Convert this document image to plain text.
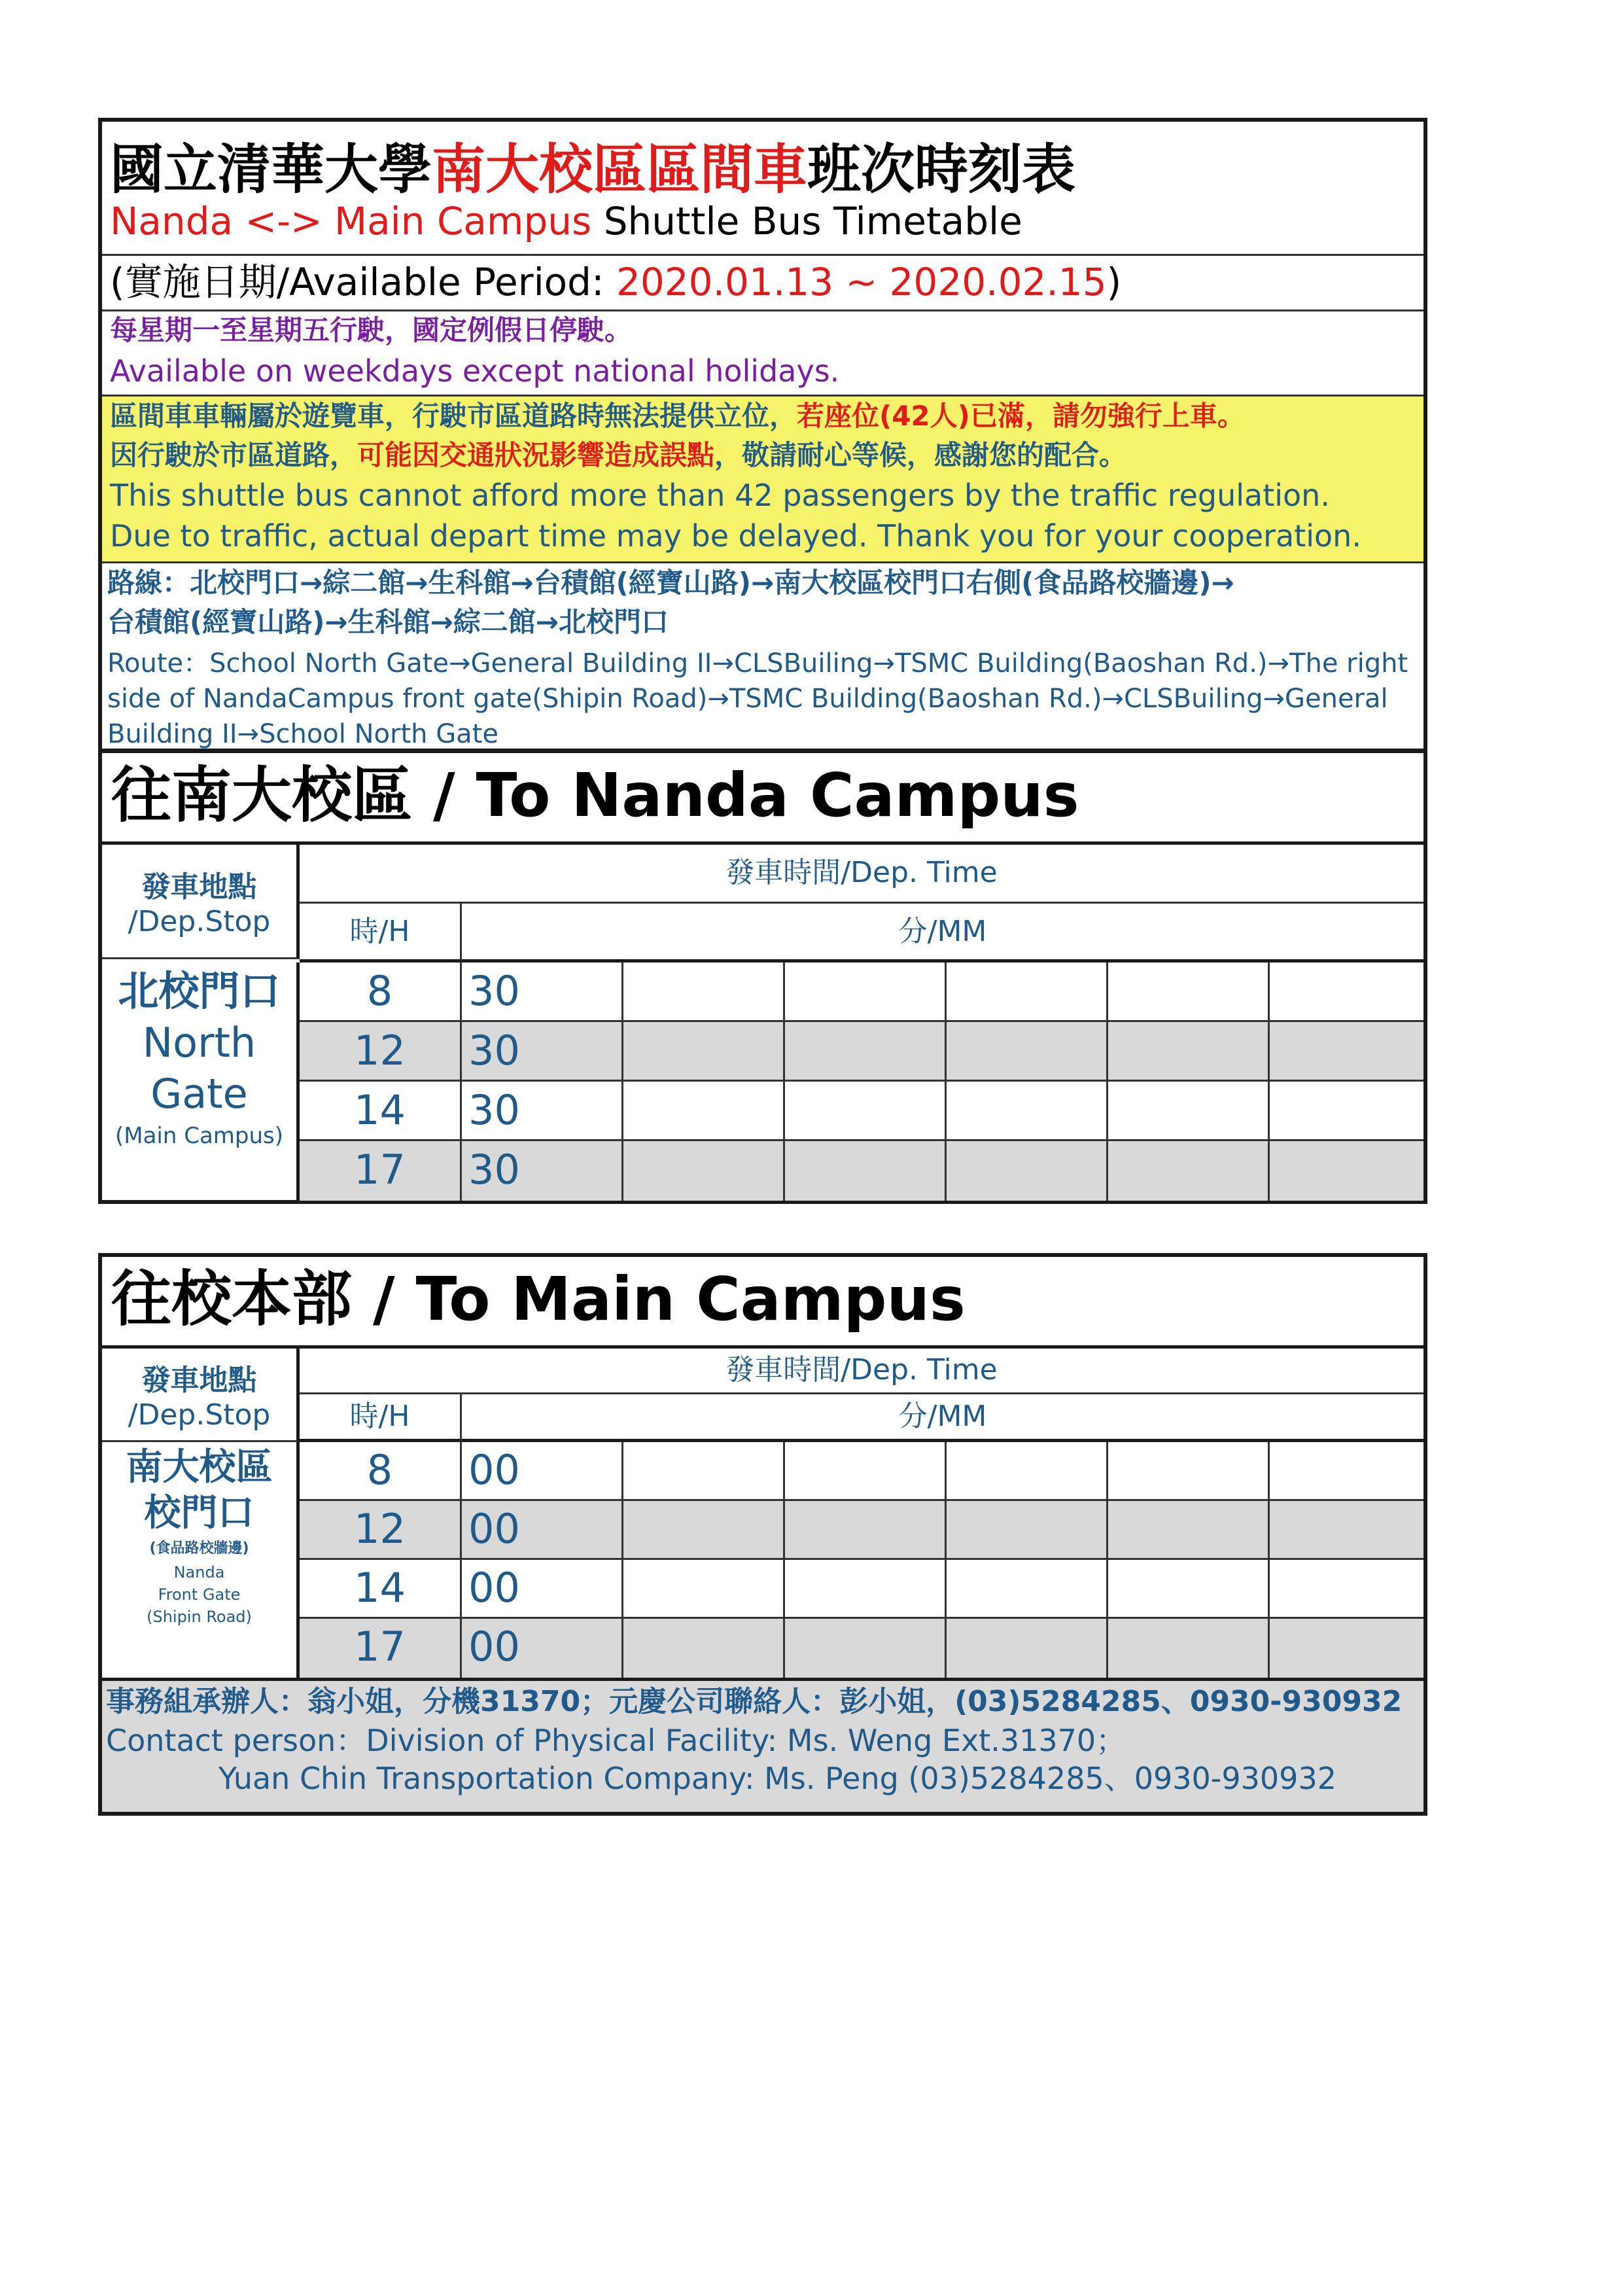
國立清華大學南大校區區間車班次時刻表
Nanda <-> Main Campus Shuttle Bus Timetable
(實施日期/Available Period: 2020.01.13 ~ 2020.02.15)
每星期一至星期五行駛，國定例假日停駛。
Available on weekdays except national holidays.
區間車車輛屬於遊覽車，行駛市區道路時無法提供立位，若座位(42人)已滿，請勿強行上車。
因行駛於市區道路，可能因交通狀況影響造成誤點，敬請耐心等候，感謝您的配合。
This shuttle bus cannot afford more than 42 passengers by the traffic regulation.
Due to traffic, actual depart time may be delayed. Thank you for your cooperation.
路線：北校門口→綜二館→生科館→台積館(經寶山路)→南大校區校門口右側(食品路校牆邊)→
台積館(經寶山路)→生科館→綜二館→北校門口
Route：School North Gate→General Building II→CLSBuiling→TSMC Building(Baoshan Rd.)→The right side of NandaCampus front gate(Shipin Road)→TSMC Building(Baoshan Rd.)→CLSBuiling→General Building II→School North Gate
往南大校區 / To Nanda Campus
發車地點
/Dep.Stop
發車時間/Dep. Time
時/H	分/MM
北校門口
North
Gate
(Main Campus)
8	30
12	30
14	30
17	30
往校本部 / To Main Campus
發車地點
/Dep.Stop
發車時間/Dep. Time
時/H	分/MM
南大校區
校門口
(食品路校牆邊)
Nanda
Front Gate
(Shipin Road)
8	00
12	00
14	00
17	00
事務組承辦人：翁小姐，分機31370；元慶公司聯絡人：彭小姐，(03)5284285、0930-930932
Contact person：Division of Physical Facility: Ms. Weng Ext.31370；
Yuan Chin Transportation Company: Ms. Peng (03)5284285、0930-930932
